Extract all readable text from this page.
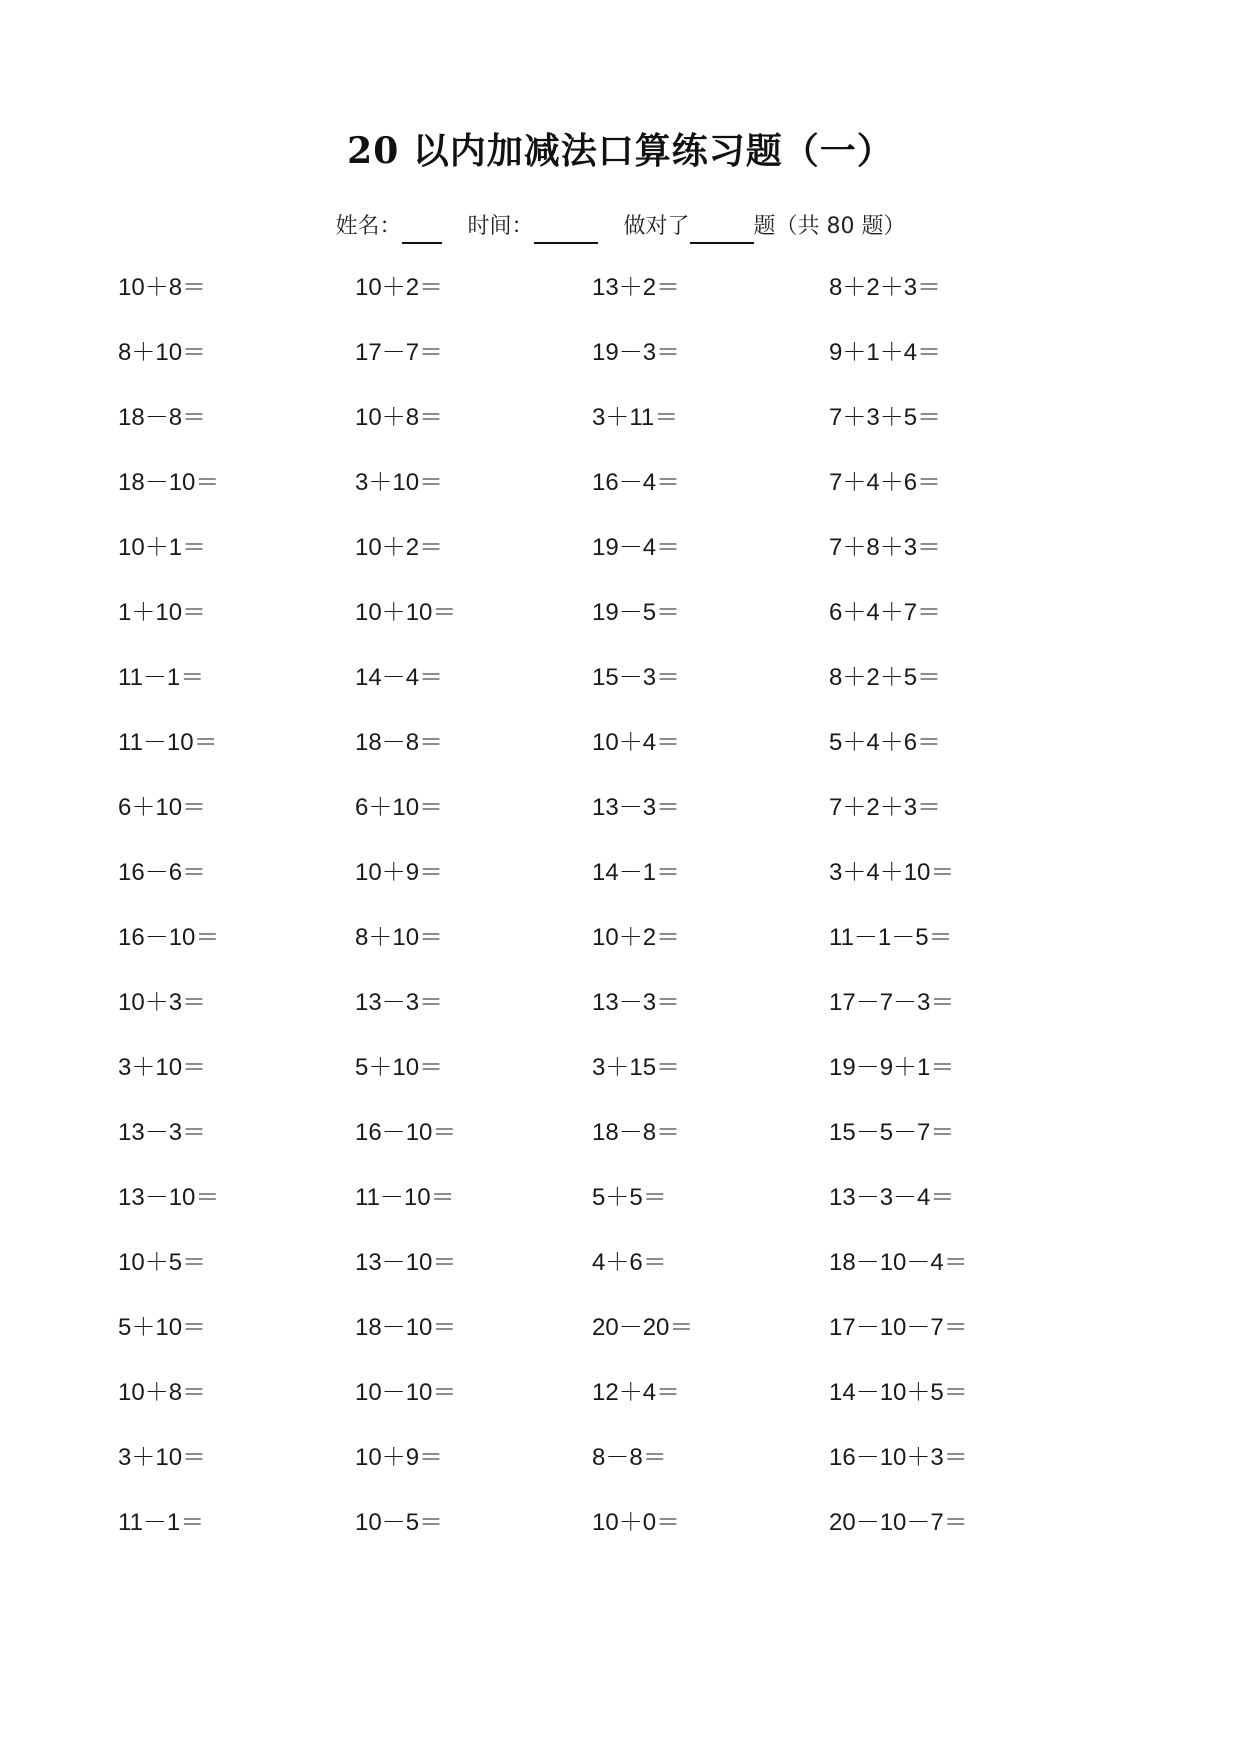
20 以内加减法口算练习题（一）
姓名：	时间：	做对了	题（共 80 题）
10＋8＝	10＋2＝	13＋2＝	8＋2＋3＝
8＋10＝	17－7＝	19－3＝	9＋1＋4＝
18－8＝	10＋8＝	3＋11＝	7＋3＋5＝
18－10＝	3＋10＝	16－4＝	7＋4＋6＝
10＋1＝	10＋2＝	19－4＝	7＋8＋3＝
1＋10＝	10＋10＝	19－5＝	6＋4＋7＝
11－1＝	14－4＝	15－3＝	8＋2＋5＝
11－10＝	18－8＝	10＋4＝	5＋4＋6＝
6＋10＝	6＋10＝	13－3＝	7＋2＋3＝
16－6＝	10＋9＝	14－1＝	3＋4＋10＝
16－10＝	8＋10＝	10＋2＝	11－1－5＝
10＋3＝	13－3＝	13－3＝	17－7－3＝
3＋10＝	5＋10＝	3＋15＝	19－9＋1＝
13－3＝	16－10＝	18－8＝	15－5－7＝
13－10＝	11－10＝	5＋5＝	13－3－4＝
10＋5＝	13－10＝	4＋6＝	18－10－4＝
5＋10＝	18－10＝	20－20＝	17－10－7＝
10＋8＝	10－10＝	12＋4＝	14－10＋5＝
3＋10＝	10＋9＝	8－8＝	16－10＋3＝
11－1＝	10－5＝	10＋0＝	20－10－7＝
